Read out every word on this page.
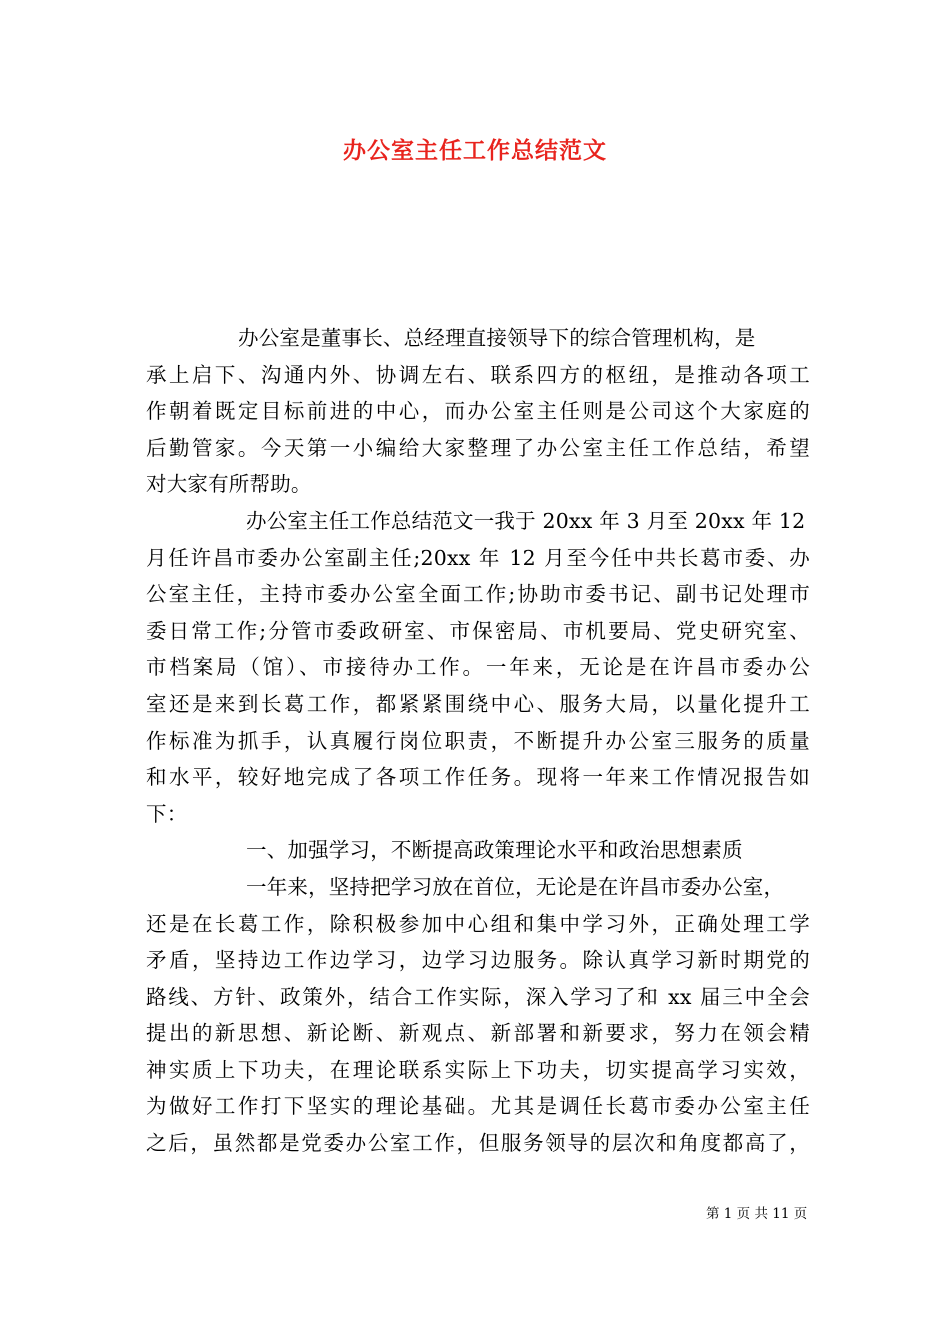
办公室主任工作总结范文
办公室是董事长、总经理直接领导下的综合管理机构，是
承上启下、沟通内外、协调左右、联系四方的枢纽，是推动各项工
作朝着既定目标前进的中心，而办公室主任则是公司这个大家庭的
后勤管家。今天第一小编给大家整理了办公室主任工作总结，希望
对大家有所帮助。
办公室主任工作总结范文一我于 20xx 年 3 月至 20xx 年 12
月任许昌市委办公室副主任;20xx 年 12 月至今任中共长葛市委、办
公室主任，主持市委办公室全面工作;协助市委书记、副书记处理市
委日常工作;分管市委政研室、市保密局、市机要局、党史研究室、
市档案局（馆）、市接待办工作。一年来，无论是在许昌市委办公
室还是来到长葛工作，都紧紧围绕中心、服务大局，以量化提升工
作标准为抓手，认真履行岗位职责，不断提升办公室三服务的质量
和水平，较好地完成了各项工作任务。现将一年来工作情况报告如
下：
一、加强学习，不断提高政策理论水平和政治思想素质
一年来，坚持把学习放在首位，无论是在许昌市委办公室，
还是在长葛工作，除积极参加中心组和集中学习外，正确处理工学
矛盾，坚持边工作边学习，边学习边服务。除认真学习新时期党的
路线、方针、政策外，结合工作实际，深入学习了和 xx 届三中全会
提出的新思想、新论断、新观点、新部署和新要求，努力在领会精
神实质上下功夫，在理论联系实际上下功夫，切实提高学习实效，
为做好工作打下坚实的理论基础。尤其是调任长葛市委办公室主任
之后，虽然都是党委办公室工作，但服务领导的层次和角度都高了，
第 1 页 共 11 页
